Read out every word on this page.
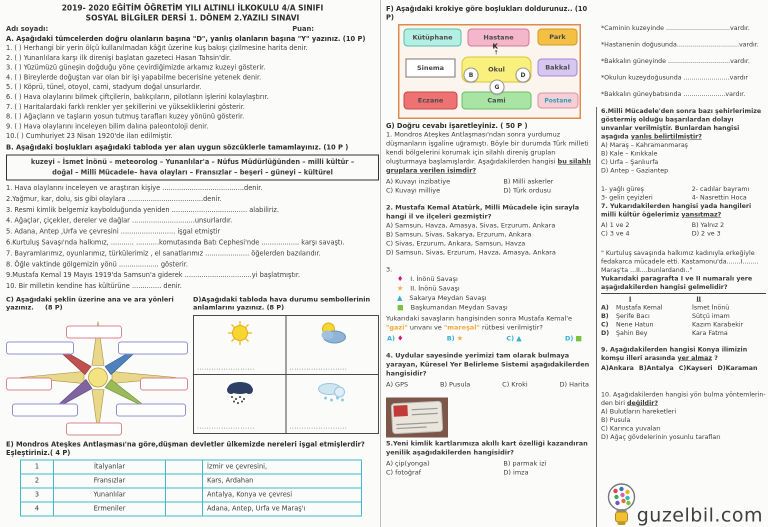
2019- 2020 EĞİTİM ÖĞRETİM YILI ALTINLI İLKOKULU 4/A SINIFI
SOSYAL BİLGİLER DERSİ 1. DÖNEM 2.YAZILI SINAVI
Adı soyadı:	Puan:
A. Aşağıdaki tümcelerden doğru olanların başına "D", yanlış olanların başına "Y" yazınız. (10 P)
1. ( ) Herhangi bir yerin ölçü kullanılmadan kâğıt üzerine kuş bakışı çizilmesine harita denir.
2. ( ) Yunanlılara karşı ilk direnişi başlatan gazeteci Hasan Tahsin'dir.
3. ( ) Yüzümüzü güneşin doğduğu yöne çevirdiğimizde arkamız kuzeyi gösterir.
4. ( ) Bireylerde doğuştan var olan bir işi yapabilme becerisine yetenek denir.
5. ( ) Köprü, tünel, otoyol, cami, stadyum doğal unsurlardır.
6. ( ) Hava olaylarını bilmek çiftçilerin, balıkçıların, pilotların işlerini kolaylaştırır.
7. ( ) Haritalardaki farklı renkler yer şekillerini ve yüksekliklerini gösterir.
8. ( ) Ağaçların ve taşların yosun tutmuş tarafları kuzey yönünü gösterir.
9. ( ) Hava olaylarını inceleyen bilim dalına paleontoloji denir.
10.( ) Cumhuriyet 23 Nisan 1920'de ilan edilmiştir.
B. Aşağıdaki boşlukları aşağıdaki tabloda yer alan uygun sözcüklerle tamamlayınız. (10 P )
kuzeyi – İsmet İnönü – meteorolog – Yunanlılar'a – Nüfus Müdürlüğünden – milli kültür –
doğal – Milli Mücadele– hava olayları – Fransızlar – beşeri – güneyi – kültürel
1. Hava olaylarını inceleyen ve araştıran kişiye .......................................denir.
2.Yağmur, kar, dolu, sis gibi olaylara ....................................denir.
3. Resmi kimlik belgemiz kaybolduğunda yeniden .................................... alabiliriz.
4. Ağaçlar, çiçekler, dereler ve dağlar ..............................unsurlardır.
5. Adana, Antep ,Urfa ve çevresini .......................... işgal etmiştir
6.Kurtuluş Savaşı'nda halkımız, ........... ...........komutasında Batı Cephesi'nde .................. karşı savaştı.
7. Bayramlarımız, oyunlarımız, türkülerimiz , el sanatlarımız ..................... öğelerden bazılarıdır.
8. Öğle vaktinde gölgemizin yönü ................... gösterir.
9.Mustafa Kemal 19 Mayıs 1919'da Samsun'a giderek ................................yi başlatmıştır.
10. Bir milletin kendine has kültürüne .............. denir.
C) Aşağıdaki şeklin üzerine ana ve ara yönleri yazınız.     (8 P)
D)Aşağıdaki tabloda hava durumu sembollerinin anlamlarını yazınız. (8 P)
........................	........................

........................	........................
E) Mondros Ateşkes Antlaşması'na göre,düşman devletler ülkemizde nereleri işgal etmişlerdir?
Eşleştiriniz.( 4 P)
1	İtalyanlar		İzmir ve çevresini,
2	Fransızlar		Kars, Ardahan
3	Yunanlılar		Antalya, Konya ve çevresi
4	Ermeniler		Adana, Antep, Urfa ve Maraş'ı
F) Aşağıdaki krokiye göre boşlukları doldurunuz.. (10 P)
Kütüphane	Hastane	Park
Sinema	Okul	Bakkal
Eczane	Cami	Postane
K
↑
B	D
G
G) Doğru cevabı işaretleyiniz. ( 50 P )
1. Mondros Ateşkes Antlaşması'ndan sonra yurdumuz düşmanların işgaline uğramıştı. Böyle bir durumda Türk milleti kendi bölgelerini korumak için silahlı direniş grupları oluşturmaya başlamışlardır. Aşağıdakilerden hangisi bu silahlı gruplara verilen isimdir?
A) Kuvayı inzibatiye	B) Milli askerler
C) Kuvayı milliye	D) Türk ordusu
2. Mustafa Kemal Atatürk, Milli Mücadele için sırayla hangi il ve ilçeleri gezmiştir?
A) Samsun, Havza, Amasya, Sivas, Erzurum, Ankara
B) Samsun, Sivas, Sakarya, Erzurum, Ankara
C) Sivas, Erzurum, Ankara, Samsun, Havza
D) Samsun, Sivas, Erzurum, Havza, Amasya, Ankara
3.
♦ I. İnönü Savaşı
★ II. İnönü Savaşı
▲ Sakarya Meydan Savaşı
■ Başkumandan Meydan Savaşı
Yukarıdaki savaşların hangisinden sonra Mustafa Kemal'e "gazi" unvanı ve "mareşal" rütbesi verilmiştir?
A) ♦	B) ★	C) ▲	D) ■
4. Uydular sayesinde yerimizi tam olarak bulmaya yarayan, Küresel Yer Belirleme Sistemi aşağıdakilerden hangisidir?
A) GPS B) Pusula C) Kroki D) Harita
5.Yeni kimlik kartlarımıza akıllı kart özelliği kazandıran yenilik aşağıdakilerden hangisidir?
A) çip(yonga)	B) parmak izi
C) fotoğraf	D) imza
*Caminin kuzeyinde ................................vardır.
*Hastanenin doğusunda...............................vardır.
*Bakkalın güneyinde ...............................vardır.
*Okulun kuzeydoğusunda .......................vardır
*Bakkalın güneybatısında .....................vardır.
6.Milli Mücadele'den sonra bazı şehirlerimize göstermiş olduğu başarılardan dolayı unvanlar verilmiştir. Bunlardan hangisi aşağıda yanlış belirtilmiştir?
A) Maraş – Kahramanmaraş
B) Kale – Kırıkkale
C) Urfa – Şanlıurfa
D) Antep – Gaziantep
1- yağlı güreş	2- cadılar bayramı
3- gelin çeyizleri	4- Nasrettin Hoca
7. Yukarıdakilerden hangisi yada hangileri milli kültür öğelerimiz yansıtmaz?
A) 1 ve 2	B) Yalnız 2
C) 3 ve 4	D) 2 ve 3
" Kurtuluş savaşında halkımız kadınıyla erkeğiyle fedakarca mücadele etti. Kastamonu'da.......I........ Maraş'ta ...II....bunlardandı.."
Yukarıdaki paragrafta I ve II numaralı yere aşağıdakilerden hangisi gelmelidir?
I	II
A) Mustafa Kemal	İsmet İnönü
B) Şerife Bacı	Sütçü imam
C) Nene Hatun	Kazım Karabekir
D) Şahin Bey	Kara Fatma
9. Aşağıdakilerden hangisi Konya ilimizin komşu illeri arasında yer almaz ?
A)Ankara B)Antalya C)Kayseri D)Karaman
10. Aşağıdakilerden hangisi yön bulma yöntemlerin-den biri değildir?
A) Bulutların hareketleri
B) Pusula
C) Karınca yuvaları
D) Ağaç gövdelerinin yosunlu tarafları
guzelbil.com
